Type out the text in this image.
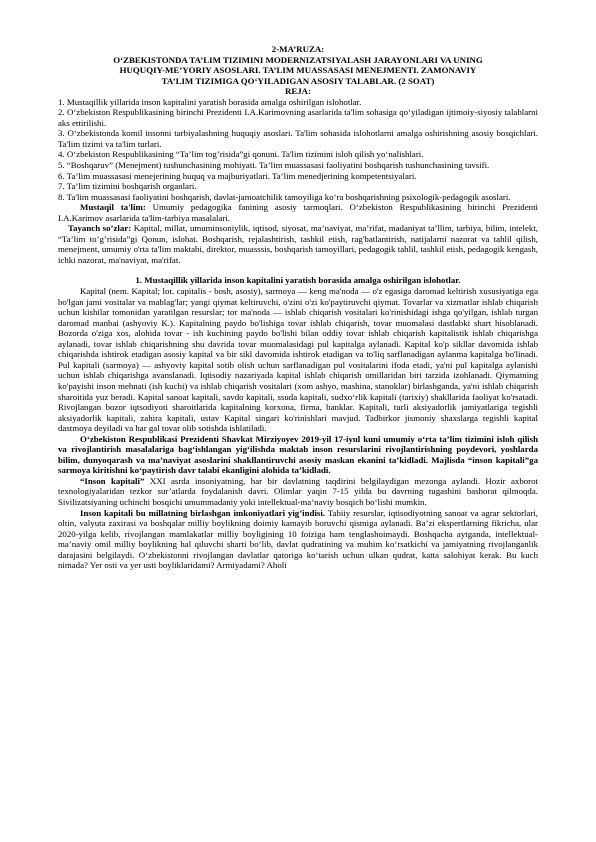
2-MA’RUZA:
O‘ZBEKISTONDA TA’LIM TIZIMINI MODERNIZATSIYALASH JARAYONLARI VA UNING
HUQUQIY-ME’YORIY ASOSLARI. TA’LIM MUASSASASI MENEJMENTI. ZAMONAVIY
TA’LIM TIZIMIGA QO‘YILADIGAN ASOSIY TALABLAR. (2 SOAT)
REJA:
1. Mustaqillik yillarida inson kapitalini yaratish borasida amalga oshirilgan islohotlar.
2. O‘zbekiston Respublikasining birinchi Prezidenti I.A.Karimovning asarlarida ta'lim sohasiga qo‘yiladigan ijtimoiy-siyosiy talablarni aks ettirilishi.
3. O‘zbekistonda komil insonni tarbiyalashning huquqiy asoslari. Ta'lim sohasida islohotlarni amalga oshirishning asosiy bosqichlari. Ta'lim tizimi va ta'lim turlari.
4. O‘zbekiston Respublikasining “Ta’lim tog’risida”gi qonuni. Ta'lim tizimini isloh qilish yo‘nalishlari.
5. “Boshqaruv” (Menejment) tushunchasining mohiyati. Ta’lim muassasasi faoliyatini boshqarish tushunchasining tavsifi.
6. Ta’lim muassasasi menejerining huquq va majburiyatlari. Ta’lim menedjerining kompetentsiyalari.
7. Ta’lim tizimini boshqarish organlari.
8. Ta'lim muassasasi faoliyatini boshqarish, davlat-jamoatchilik tamoyiliga ko‘ra boshqarishning psixologik-pedagogik asoslari.

Mustaqil ta'lim: Umumiy pedagogika fanining asosiy tarmoqlari. O‘zbekiston Respublikasining birinchi Prezidenti I.A.Karimov asarlarida ta'lim-tarbiya masalalari.

Tayanch so’zlar: Kapital, millat, umuminsoniylik, iqtisod, siyosat, ma’naviyat, ma’rifat, madaniyat ta’llim, tarbiya, bilim, intelekt, “Ta’lim to’g’risida”gi Qonun, islohat. Boshqarish, rejalashtirish, tashkil etish, rag'batlantirish, natijalarni nazorat va tahlil qilish, menejment, umumiy o'rta ta'lim maktabi, direktor, muasssis, boshqarish tamoyillari, pedagogik tahlil, tashkil etish, pedagogik kengash, ichki nazorat, ma'naviyat, ma'rifat.

1. Mustaqillik yillarida inson kapitalini yaratish borasida amalga oshirilgan islohotlar.

Kapital (nem. Kapital; lot. capitalis - bosh, asosiy), sarmoya — keng ma'noda — o'z egasiga daromad keltirish xususiyatiga ega bo'lgan jami vositalar va mablag'lar; yangi qiymat keltiruvchi, o'zini o'zi ko'paytiruvchi qiymat. Tovarlar va xizmatlar ishlab chiqarish uchun kishilar tomonidan yaratilgan resurslar; tor ma'noda — ishlab chiqarish vositalari ko'rinishidagi ishga qo'yilgan, ishlab turgan daromad manbai (ashyoviy K.). Kapitalning paydo bo'lishiga tovar ishlab chiqarish, tovar muomalasi dastlabki shart hisoblanadi. Bozorda o'ziga xos, alohida tovar - ish kuchining paydo bo'lishi bilan oddiy tovar ishlab chiqarish kapitalistik ishlab chiqarishga aylanadi, tovar ishlab chiqarishning shu davrida tovar muomalasidagi pul kapitalga aylanadi. Kapital ko'p sikllar davomida ishlab chiqarishda ishtirok etadigan asosiy kapital va bir sikl davomida ishtirok etadigan va to'liq sarflanadigan aylanma kapitalga bo'linadi. Pul kapitali (sarmoya) — ashyoviy kapital sotib olish uchun sarflanadigan pul vositalarini ifoda etadi, ya'ni pul kapitalga aylanishi uchun ishlab chiqarishga avanslanadi. Iqtisodiy nazariyada kapital ishlab chiqarish omillaridan biri tarzida izohlanadi. Qiymatning ko'payishi inson mehnati (ish kuchi) va ishlab chiqarish vositalari (xom ashyo, mashina, stanoklar) birlashganda, ya'ni ishlab chiqarish sharoitida yuz beradi. Kapital sanoat kapitali, savdo kapitali, ssuda kapitali, sudxo‘rlik kapitali (tarixiy) shakllarida faoliyat ko'rsatadi. Rivojlangan bozor iqtsodiyoti sharoitlarida kapitalning korxona, firma, banklar. Kapitali, turli aksiyadorlik jamiyatlariga tegishli aksiyadorlik kapitali, zahira kapitali, ustav Kapital singari ko'rinishlari mavjud. Tadbirkor jismoniy shaxslarga tegishli kapital dastmoya deyiladi va har gal tovar olib sotishda ishlatiladi.

O‘zbekiston Respublikasi Prezidenti Shavkat Mirziyoyev 2019-yil 17-iyul kuni umumiy o‘rta ta’lim tizimini isloh qilish va rivojlantirish masalalariga bag‘ishlangan yig‘ilishda maktab inson resurslarini rivojlantirishning poydevori, yoshlarda bilim, dunyoqarash va ma’naviyat asoslarini shakllantiruvchi asosiy maskan ekanini ta’kidladi. Majlisda “inson kapitali”ga sarmoya kiritishni ko‘paytirish davr talabi ekanligini alohida ta’kidladi.

“Inson kapitali” XXI asrda insoniyatning, har bir davlatning taqdirini belgilaydigan mezonga aylandi. Hozir axborot texnologiyalaridan tezkor sur’atlarda foydalanish davri. Olimlar yaqin 7-15 yilda bu davrning tugashini bashorat qilmoqda. Sivilizatsiyaning uchinchi bosqichi umummadaniy yoki intellektual-ma’naviy bosqich bo‘lishi mumkin.

Inson kapitali bu millatning birlashgan imkoniyatlari yig’indisi. Tabiiy resurslar, iqtisodiyotning sanoat va agrar sektorlari, oltin, valyuta zaxirasi va boshqalar milliy boylikning doimiy kamayib boruvchi qismiga aylanadi. Ba’zi ekspertlarning fikricha, ular 2020-yilga kelib, rivojlangan mamlakatlar milliy boyligining 10 foiziga ham tenglashoimaydi. Boshqacha aytganda, intellektual-ma’naviy omil milliy boylikning hal qiluvchi sharti bo‘lib, davlat qudratining va muhim ko‘rsatkichi va jamiyatning rivojlanganlik darajasini belgilaydi. O‘zbekistonni rivojlangan davlatlar qatoriga ko‘tarish uchun ulkan qudrat, katta salohiyat kerak. Bu kuch nimada? Yer osti va yer usti boyliklaridami? Armiyadami? Aholi
